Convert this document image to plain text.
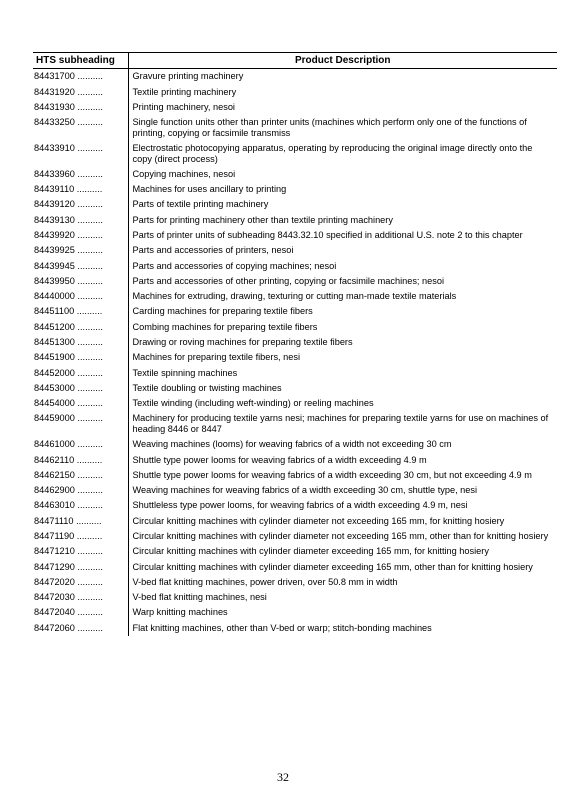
HTS subheading	Product Description
84431700 ..........	Gravure printing machinery
84431920 ..........	Textile printing machinery
84431930 ..........	Printing machinery, nesoi
84433250 ..........	Single function units other than printer units (machines which perform only one of the functions of printing, copying or facsimile transmiss
84433910 ..........	Electrostatic photocopying apparatus, operating by reproducing the original image directly onto the copy (direct process)
84433960 ..........	Copying machines, nesoi
84439110 ..........	Machines for uses ancillary to printing
84439120 ..........	Parts of textile printing machinery
84439130 ..........	Parts for printing machinery other than textile printing machinery
84439920 ..........	Parts of printer units of subheading 8443.32.10 specified in additional U.S. note 2 to this chapter
84439925 ..........	Parts and accessories of printers, nesoi
84439945 ..........	Parts and accessories of copying machines; nesoi
84439950 ..........	Parts and accessories of other printing, copying or facsimile machines; nesoi
84440000 ..........	Machines for extruding, drawing, texturing or cutting man-made textile materials
84451100 ..........	Carding machines for preparing textile fibers
84451200 ..........	Combing machines for preparing textile fibers
84451300 ..........	Drawing or roving machines for preparing textile fibers
84451900 ..........	Machines for preparing textile fibers, nesi
84452000 ..........	Textile spinning machines
84453000 ..........	Textile doubling or twisting machines
84454000 ..........	Textile winding (including weft-winding) or reeling machines
84459000 ..........	Machinery for producing textile yarns nesi; machines for preparing textile yarns for use on machines of heading 8446 or 8447
84461000 ..........	Weaving machines (looms) for weaving fabrics of a width not exceeding 30 cm
84462110 ..........	Shuttle type power looms for weaving fabrics of a width exceeding 4.9 m
84462150 ..........	Shuttle type power looms for weaving fabrics of a width exceeding 30 cm, but not exceeding 4.9 m
84462900 ..........	Weaving machines for weaving fabrics of a width exceeding 30 cm, shuttle type, nesi
84463010 ..........	Shuttleless type power looms, for weaving fabrics of a width exceeding 4.9 m, nesi
84471110 ..........	Circular knitting machines with cylinder diameter not exceeding 165 mm, for knitting hosiery
84471190 ..........	Circular knitting machines with cylinder diameter not exceeding 165 mm, other than for knitting hosiery
84471210 ..........	Circular knitting machines with cylinder diameter exceeding 165 mm, for knitting hosiery
84471290 ..........	Circular knitting machines with cylinder diameter exceeding 165 mm, other than for knitting hosiery
84472020 ..........	V-bed flat knitting machines, power driven, over 50.8 mm in width
84472030 ..........	V-bed flat knitting machines, nesi
84472040 ..........	Warp knitting machines
84472060 ..........	Flat knitting machines, other than V-bed or warp; stitch-bonding machines
32
